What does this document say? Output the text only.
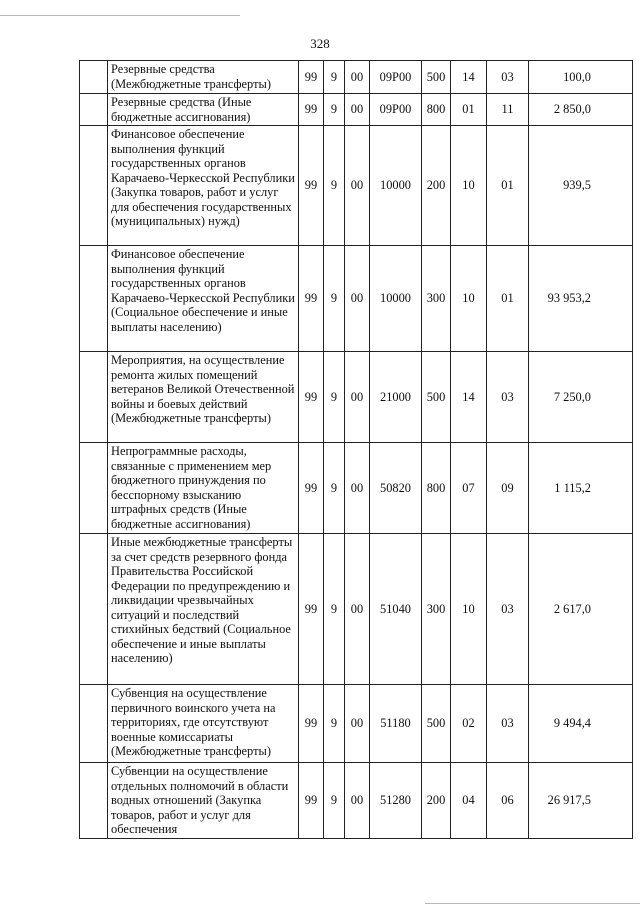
328
	Резервные средства (Межбюджетные трансферты)	99	9	00	09Р00	500	14	03	100,0
	Резервные средства (Иные бюджетные ассигнования)	99	9	00	09Р00	800	01	11	2 850,0
	Финансовое обеспечение выполнения функций государственных органов Карачаево-Черкесской Республики (Закупка товаров, работ и услуг для обеспечения государственных (муниципальных) нужд)	99	9	00	10000	200	10	01	939,5
	Финансовое обеспечение выполнения функций государственных органов Карачаево-Черкесской Республики (Социальное обеспечение и иные выплаты населению)	99	9	00	10000	300	10	01	93 953,2
	Мероприятия, на осуществление ремонта жилых помещений ветеранов Великой Отечественной войны и боевых действий (Межбюджетные трансферты)	99	9	00	21000	500	14	03	7 250,0
	Непрограммные расходы, связанные с применением мер бюджетного принуждения по бесспорному взысканию штрафных средств (Иные бюджетные ассигнования)	99	9	00	50820	800	07	09	1 115,2
	Иные межбюджетные трансферты за счет средств резервного фонда Правительства Российской Федерации по предупреждению и ликвидации чрезвычайных ситуаций и последствий стихийных бедствий (Социальное обеспечение и иные выплаты населению)	99	9	00	51040	300	10	03	2 617,0
	Субвенция на осуществление первичного воинского учета на территориях, где отсутствуют военные комиссариаты (Межбюджетные трансферты)	99	9	00	51180	500	02	03	9 494,4
	Субвенции на осуществление отдельных полномочий в области водных отношений (Закупка товаров, работ и услуг для обеспечения	99	9	00	51280	200	04	06	26 917,5
